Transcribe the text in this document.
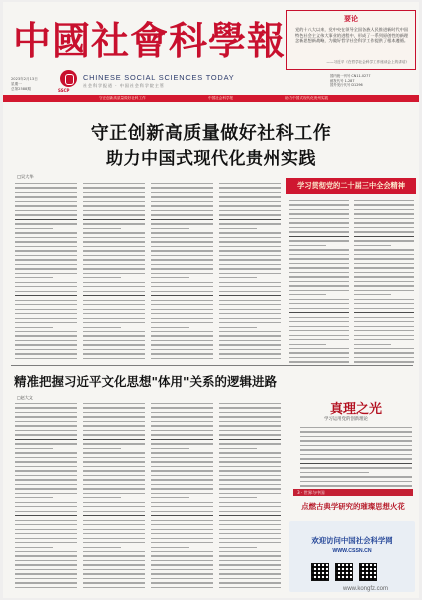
中國社會科學報
2023年2月13日
星期一
总第2588期	SSCP
CHINESE SOCIAL SCIENCES TODAY
社会科学报道 · 中国社会科学院主管
国内统一刊号 CN11-0277
邮发代号 1-287
国外发行代号 D1296
要论
党的十八大以来，党中央在领导全国各族人民推进新时代中国特色社会主义伟大事业的进程中，形成了一系列原创性的新理念新思想新战略，为做好哲学社会科学工作提供了根本遵循。
——习近平《在哲学社会科学工作座谈会上的讲话》
守正创新高质量做好社科工作	中国社会科学报	助力中国式现代化贵州实践
守正创新高质量做好社科工作
助力中国式现代化贵州实践
□吴大华
学习贯彻党的二十届三中全会精神
精准把握习近平文化思想"体用"关系的逻辑进路
□赵大文
真理之光
学习运用党的创新理论
3 · 世界与中国
点燃古典学研究的璀璨思想火花
欢迎访问中国社会科学网
WWW.CSSN.CN
www.kongfz.com
